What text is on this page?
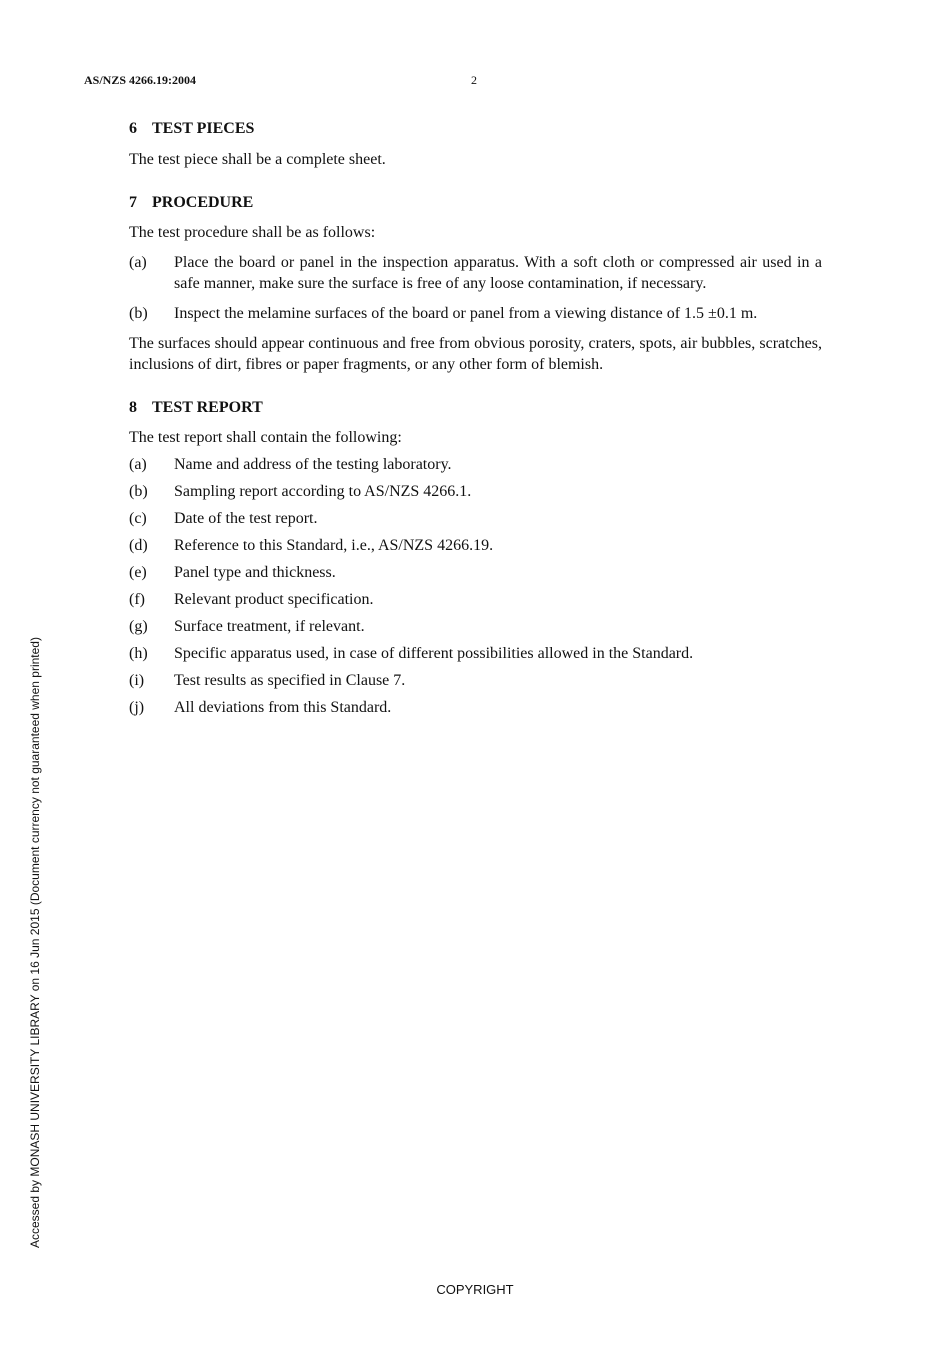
AS/NZS 4266.19:2004	2
6 TEST PIECES

The test piece shall be a complete sheet.

7 PROCEDURE

The test procedure shall be as follows:

(a)	Place the board or panel in the inspection apparatus. With a soft cloth or compressed air used in a safe manner, make sure the surface is free of any loose contamination, if necessary.
(b)	Inspect the melamine surfaces of the board or panel from a viewing distance of 1.5 ±0.1 m.

The surfaces should appear continuous and free from obvious porosity, craters, spots, air bubbles, scratches, inclusions of dirt, fibres or paper fragments, or any other form of blemish.

8 TEST REPORT

The test report shall contain the following:

(a)	Name and address of the testing laboratory.
(b)	Sampling report according to AS/NZS 4266.1.
(c)	Date of the test report.
(d)	Reference to this Standard, i.e., AS/NZS 4266.19.
(e)	Panel type and thickness.
(f)	Relevant product specification.
(g)	Surface treatment, if relevant.
(h)	Specific apparatus used, in case of different possibilities allowed in the Standard.
(i)	Test results as specified in Clause 7.
(j)	All deviations from this Standard.
Accessed by MONASH UNIVERSITY LIBRARY on 16 Jun 2015 (Document currency not guaranteed when printed)
COPYRIGHT
